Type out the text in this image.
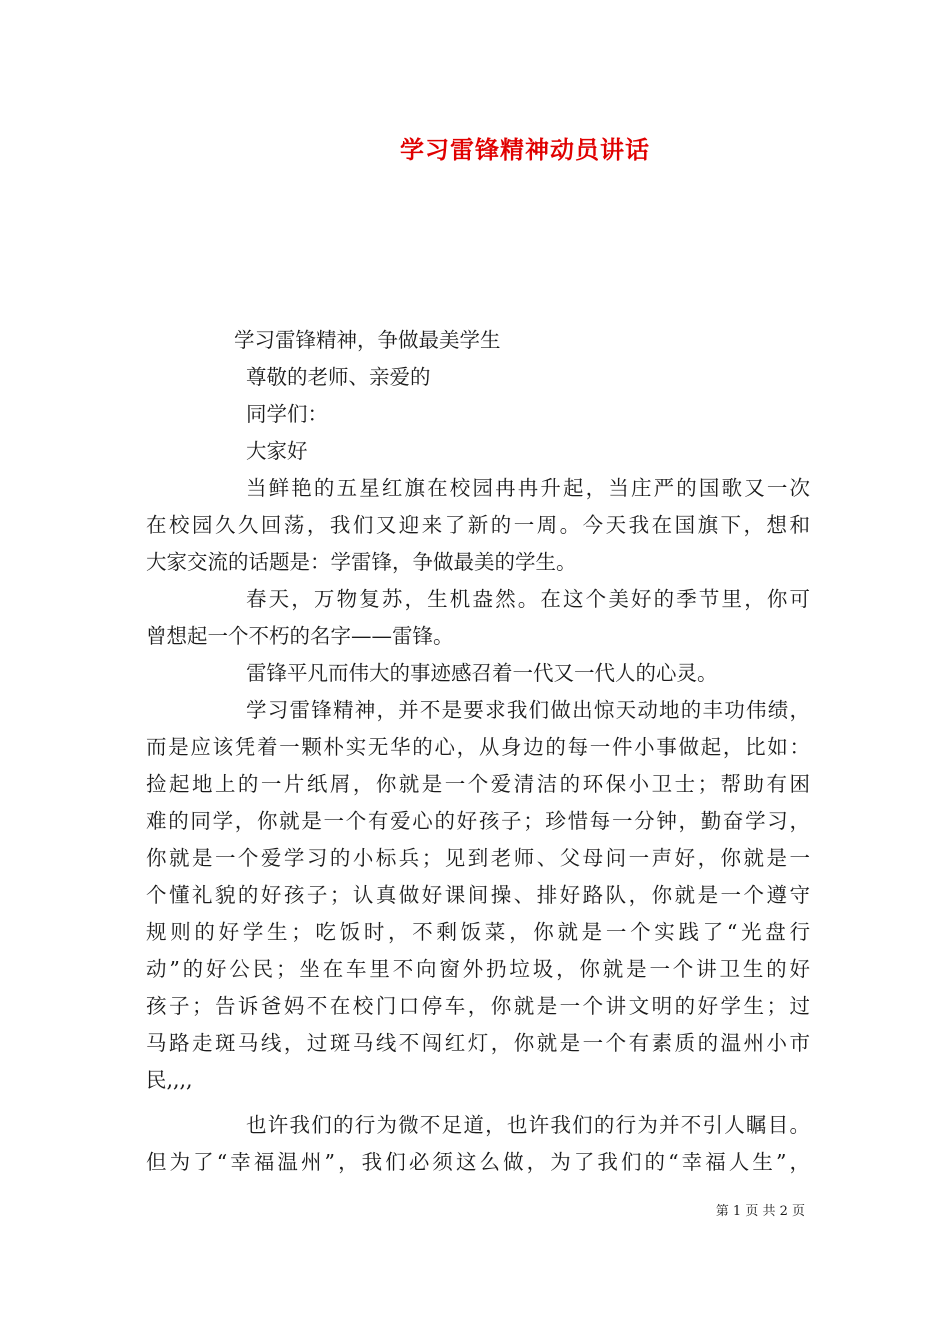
学习雷锋精神动员讲话
学习雷锋精神，争做最美学生
尊敬的老师、亲爱的
同学们：
大家好
当鲜艳的五星红旗在校园冉冉升起，当庄严的国歌又一次
在校园久久回荡，我们又迎来了新的一周。今天我在国旗下，想和
大家交流的话题是：学雷锋，争做最美的学生。
春天，万物复苏，生机盎然。在这个美好的季节里，你可
曾想起一个不朽的名字——雷锋。
雷锋平凡而伟大的事迹感召着一代又一代人的心灵。
学习雷锋精神，并不是要求我们做出惊天动地的丰功伟绩，
而是应该凭着一颗朴实无华的心，从身边的每一件小事做起，比如：
捡起地上的一片纸屑，你就是一个爱清洁的环保小卫士；帮助有困
难的同学，你就是一个有爱心的好孩子；珍惜每一分钟，勤奋学习，
你就是一个爱学习的小标兵；见到老师、父母问一声好，你就是一
个懂礼貌的好孩子；认真做好课间操、排好路队，你就是一个遵守
规则的好学生；吃饭时，不剩饭菜，你就是一个实践了“光盘行
动”的好公民；坐在车里不向窗外扔垃圾，你就是一个讲卫生的好
孩子；告诉爸妈不在校门口停车，你就是一个讲文明的好学生；过
马路走斑马线，过斑马线不闯红灯，你就是一个有素质的温州小市
民,,,,
也许我们的行为微不足道，也许我们的行为并不引人瞩目。
但为了“幸福温州”，我们必须这么做，为了我们的“幸福人生”，
第 1 页 共 2 页
